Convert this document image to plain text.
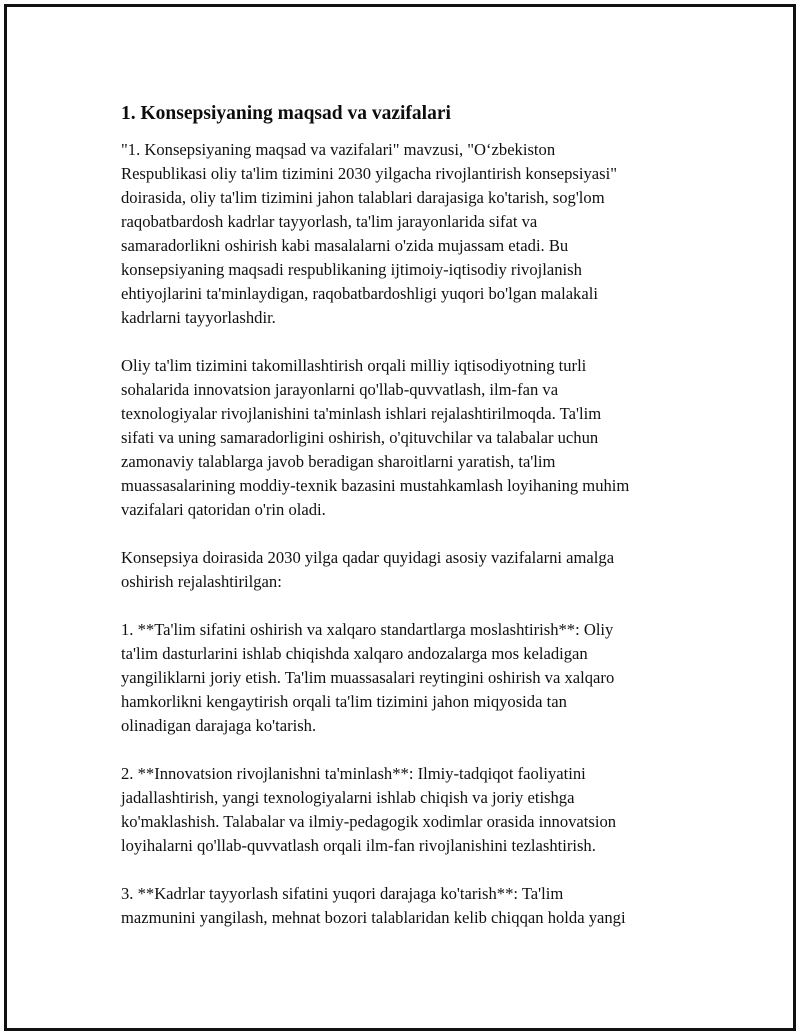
1. Konsepsiyaning maqsad va vazifalari

"1. Konsepsiyaning maqsad va vazifalari" mavzusi, "O‘zbekiston
Respublikasi oliy ta'lim tizimini 2030 yilgacha rivojlantirish konsepsiyasi"
doirasida, oliy ta'lim tizimini jahon talablari darajasiga ko'tarish, sog'lom
raqobatbardosh kadrlar tayyorlash, ta'lim jarayonlarida sifat va
samaradorlikni oshirish kabi masalalarni o'zida mujassam etadi. Bu
konsepsiyaning maqsadi respublikaning ijtimoiy-iqtisodiy rivojlanish
ehtiyojlarini ta'minlaydigan, raqobatbardoshligi yuqori bo'lgan malakali
kadrlarni tayyorlashdir.

Oliy ta'lim tizimini takomillashtirish orqali milliy iqtisodiyotning turli
sohalarida innovatsion jarayonlarni qo'llab-quvvatlash, ilm-fan va
texnologiyalar rivojlanishini ta'minlash ishlari rejalashtirilmoqda. Ta'lim
sifati va uning samaradorligini oshirish, o'qituvchilar va talabalar uchun
zamonaviy talablarga javob beradigan sharoitlarni yaratish, ta'lim
muassasalarining moddiy-texnik bazasini mustahkamlash loyihaning muhim
vazifalari qatoridan o'rin oladi.

Konsepsiya doirasida 2030 yilga qadar quyidagi asosiy vazifalarni amalga
oshirish rejalashtirilgan:

1. **Ta'lim sifatini oshirish va xalqaro standartlarga moslashtirish**: Oliy
ta'lim dasturlarini ishlab chiqishda xalqaro andozalarga mos keladigan
yangiliklarni joriy etish. Ta'lim muassasalari reytingini oshirish va xalqaro
hamkorlikni kengaytirish orqali ta'lim tizimini jahon miqyosida tan
olinadigan darajaga ko'tarish.

2. **Innovatsion rivojlanishni ta'minlash**: Ilmiy-tadqiqot faoliyatini
jadallashtirish, yangi texnologiyalarni ishlab chiqish va joriy etishga
ko'maklashish. Talabalar va ilmiy-pedagogik xodimlar orasida innovatsion
loyihalarni qo'llab-quvvatlash orqali ilm-fan rivojlanishini tezlashtirish.

3. **Kadrlar tayyorlash sifatini yuqori darajaga ko'tarish**: Ta'lim
mazmunini yangilash, mehnat bozori talablaridan kelib chiqqan holda yangi
